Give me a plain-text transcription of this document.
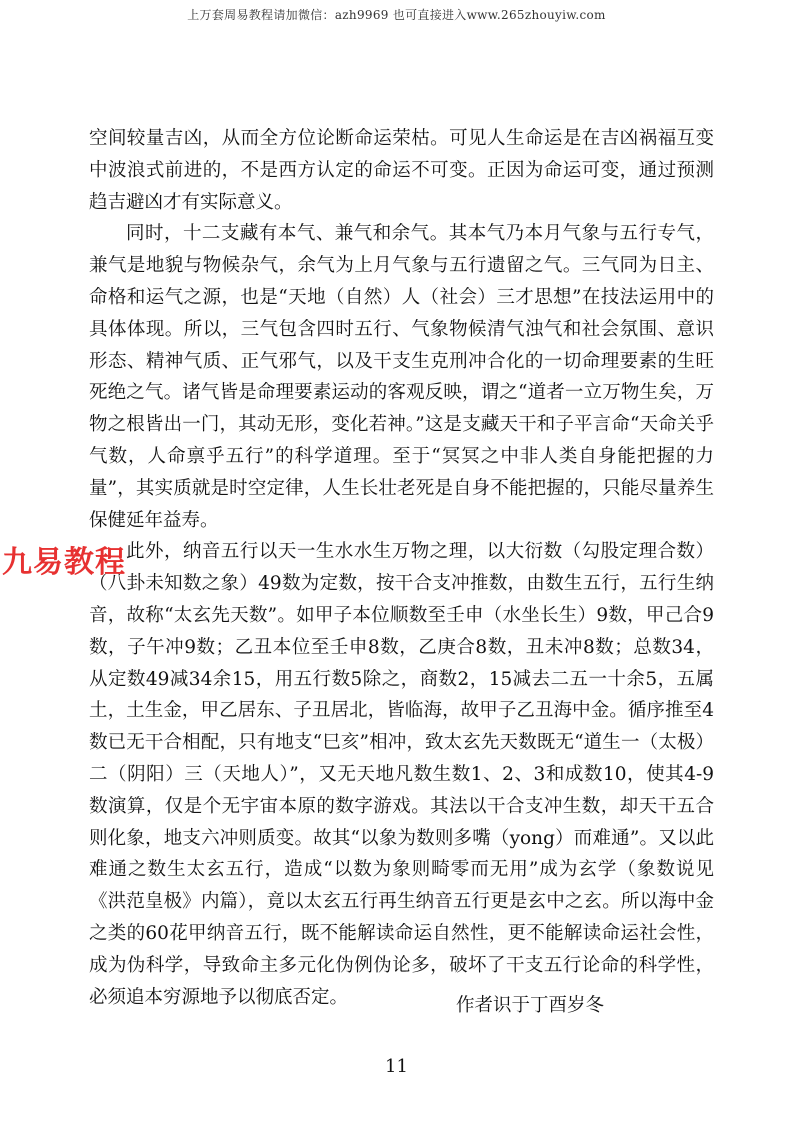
上万套周易教程请加微信：azh9969 也可直接进入www.265zhouyiw.com

空间较量吉凶，从而全方位论断命运荣枯。可见人生命运是在吉凶祸福互变中波浪式前进的，不是西方认定的命运不可变。正因为命运可变，通过预测趋吉避凶才有实际意义。

同时，十二支藏有本气、兼气和余气。其本气乃本月气象与五行专气，兼气是地貌与物候杂气，余气为上月气象与五行遗留之气。三气同为日主、命格和运气之源，也是“天地（自然）人（社会）三才思想”在技法运用中的具体体现。所以，三气包含四时五行、气象物候清气浊气和社会氛围、意识形态、精神气质、正气邪气，以及干支生克刑冲合化的一切命理要素的生旺死绝之气。诸气皆是命理要素运动的客观反映，谓之“道者一立万物生矣，万物之根皆出一门，其动无形，变化若神。”这是支藏天干和子平言命“天命关乎气数，人命禀乎五行”的科学道理。至于“冥冥之中非人类自身能把握的力量”，其实质就是时空定律，人生长壮老死是自身不能把握的，只能尽量养生保健延年益寿。

此外，纳音五行以天一生水水生万物之理，以大衍数（勾股定理合数）（八卦未知数之象）49数为定数，按干合支冲推数，由数生五行，五行生纳音，故称“太玄先天数”。如甲子本位顺数至壬申（水坐长生）9数，甲己合9数，子午冲9数；乙丑本位至壬申8数，乙庚合8数，丑未冲8数；总数34，从定数49减34余15，用五行数5除之，商数2，15减去二五一十余5，五属土，土生金，甲乙居东、子丑居北，皆临海，故甲子乙丑海中金。循序推至4数已无干合相配，只有地支“巳亥”相冲，致太玄先天数既无“道生一（太极）二（阴阳）三（天地人）”，又无天地凡数生数1、2、3和成数10，使其4-9数演算，仅是个无宇宙本原的数字游戏。其法以干合支冲生数，却天干五合则化象，地支六冲则质变。故其“以象为数则多嘴（yong）而难通”。又以此难通之数生太玄五行，造成“以数为象则畸零而无用”成为玄学（象数说见《洪范皇极》内篇），竟以太玄五行再生纳音五行更是玄中之玄。所以海中金之类的60花甲纳音五行，既不能解读命运自然性，更不能解读命运社会性，成为伪科学，导致命主多元化伪例伪论多，破坏了干支五行论命的科学性，必须追本穷源地予以彻底否定。

九易教程
作者识于丁酉岁冬
11
